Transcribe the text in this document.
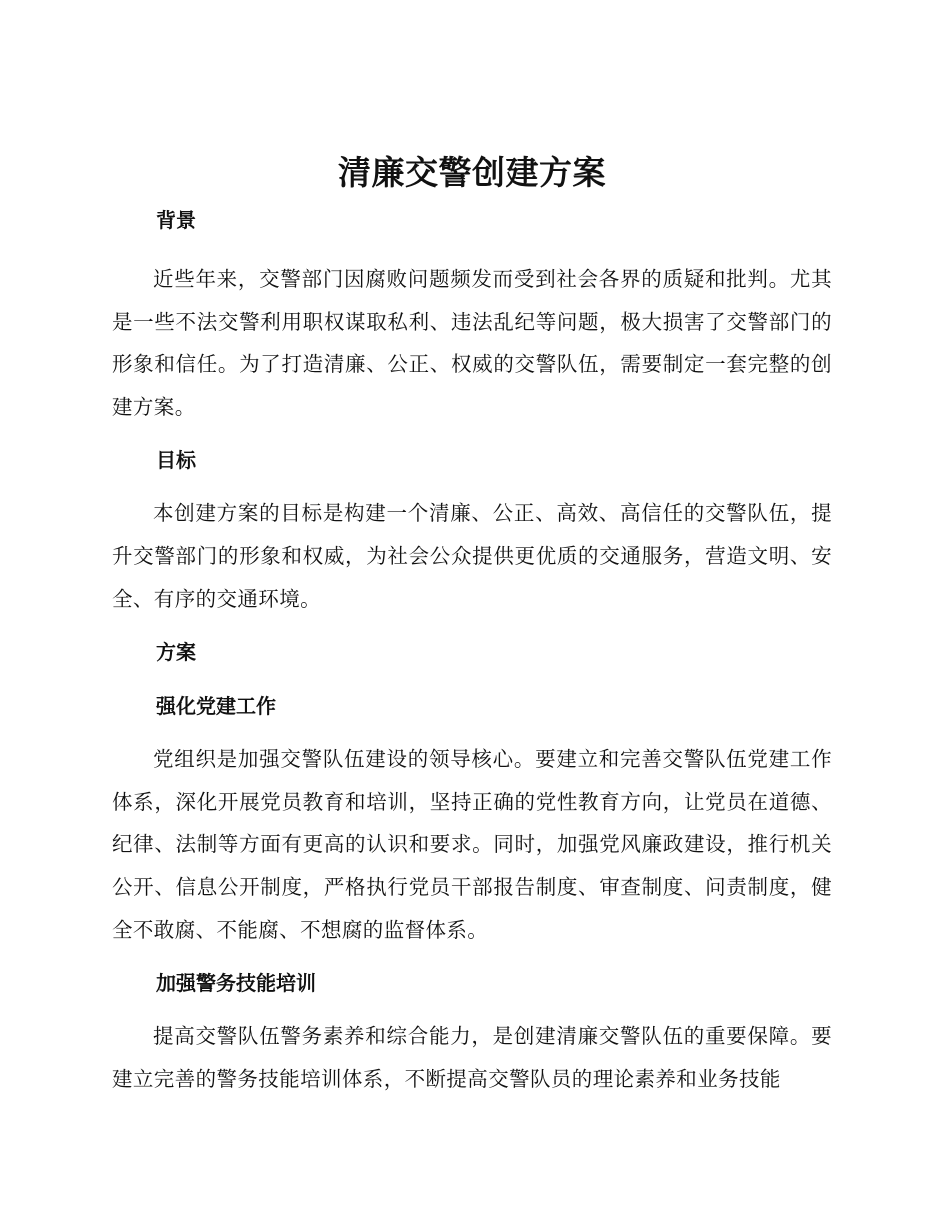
清廉交警创建方案
背景

近些年来，交警部门因腐败问题频发而受到社会各界的质疑和批判。尤其是一些不法交警利用职权谋取私利、违法乱纪等问题，极大损害了交警部门的形象和信任。为了打造清廉、公正、权威的交警队伍，需要制定一套完整的创建方案。

目标

本创建方案的目标是构建一个清廉、公正、高效、高信任的交警队伍，提升交警部门的形象和权威，为社会公众提供更优质的交通服务，营造文明、安全、有序的交通环境。

方案
强化党建工作

党组织是加强交警队伍建设的领导核心。要建立和完善交警队伍党建工作体系，深化开展党员教育和培训，坚持正确的党性教育方向，让党员在道德、纪律、法制等方面有更高的认识和要求。同时，加强党风廉政建设，推行机关公开、信息公开制度，严格执行党员干部报告制度、审查制度、问责制度，健全不敢腐、不能腐、不想腐的监督体系。

加强警务技能培训

提高交警队伍警务素养和综合能力，是创建清廉交警队伍的重要保障。要建立完善的警务技能培训体系，不断提高交警队员的理论素养和业务技能
